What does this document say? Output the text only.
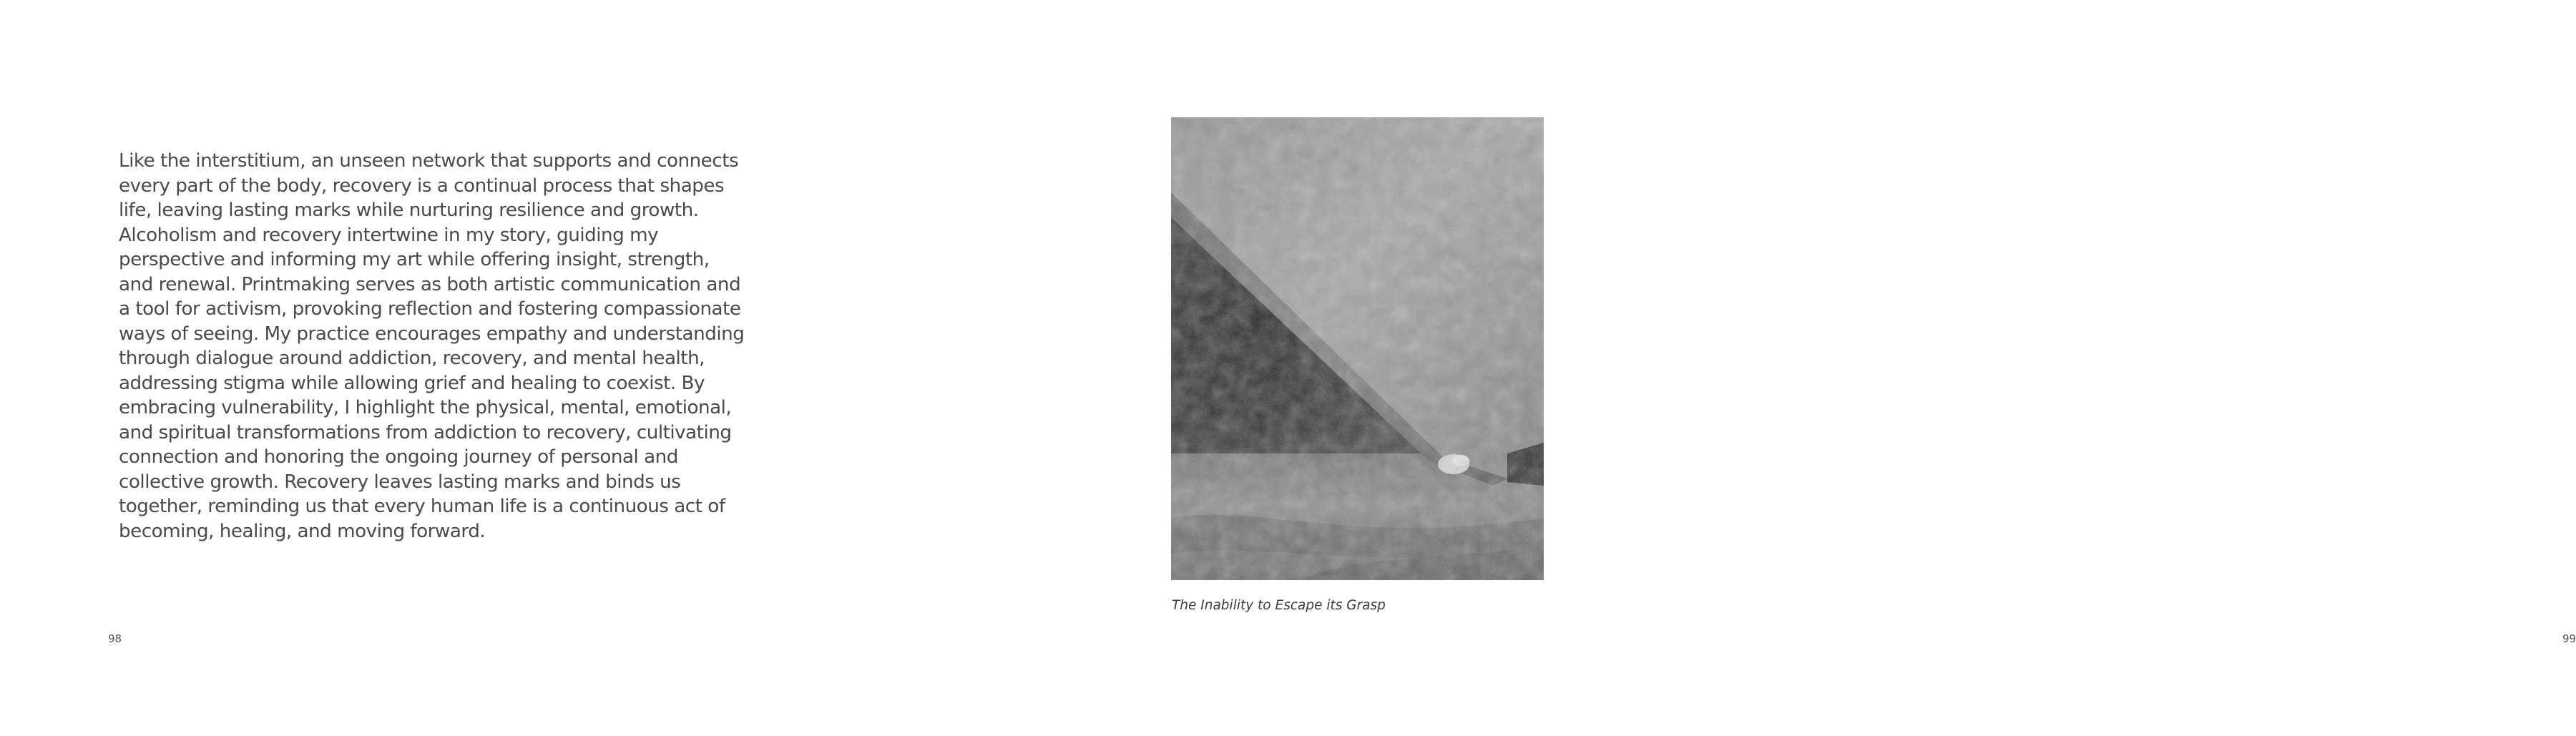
Like the interstitium, an unseen network that supports and connects
every part of the body, recovery is a continual process that shapes
life, leaving lasting marks while nurturing resilience and growth.
Alcoholism and recovery intertwine in my story, guiding my
perspective and informing my art while offering insight, strength,
and renewal. Printmaking serves as both artistic communication and
a tool for activism, provoking reflection and fostering compassionate
ways of seeing. My practice encourages empathy and understanding
through dialogue around addiction, recovery, and mental health,
addressing stigma while allowing grief and healing to coexist. By
embracing vulnerability, I highlight the physical, mental, emotional,
and spiritual transformations from addiction to recovery, cultivating
connection and honoring the ongoing journey of personal and
collective growth. Recovery leaves lasting marks and binds us
together, reminding us that every human life is a continuous act of
becoming, healing, and moving forward.

98
The Inability to Escape its Grasp
99
